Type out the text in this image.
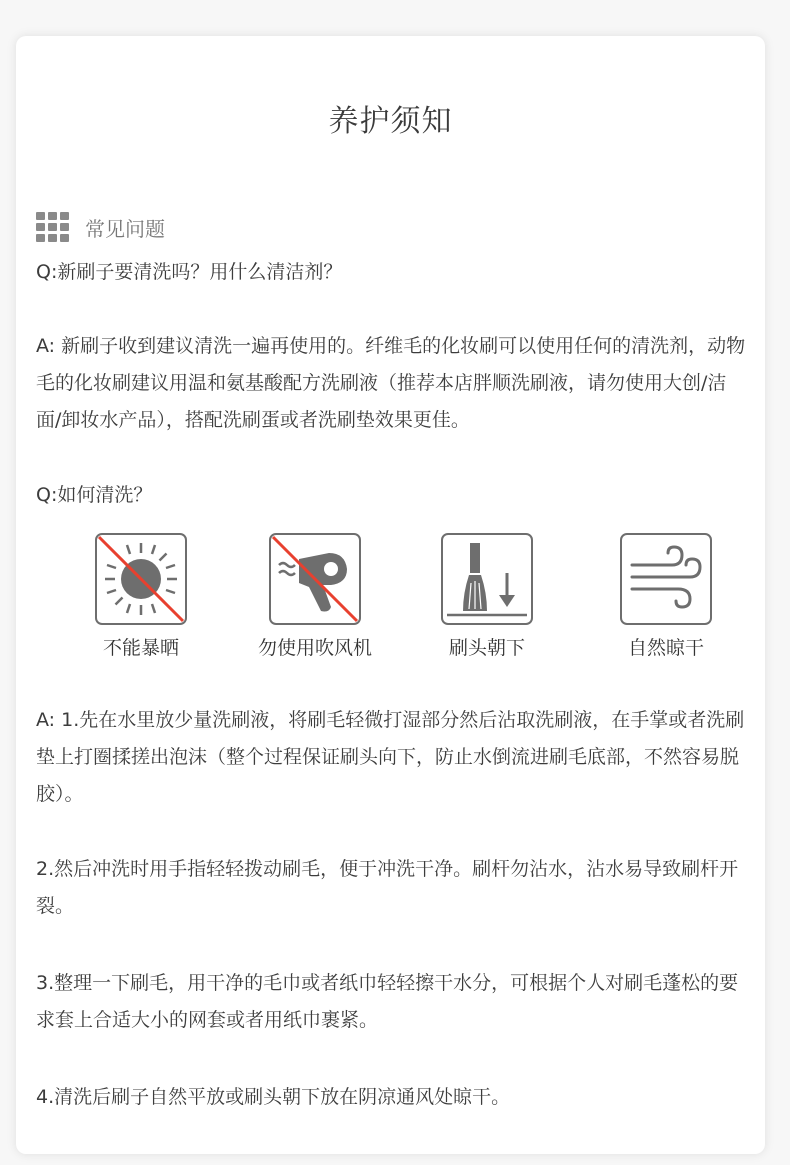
养护须知
常见问题

Q:新刷子要清洗吗？用什么清洁剂？

A: 新刷子收到建议清洗一遍再使用的。纤维毛的化妆刷可以使用任何的清洗剂，动物毛的化妆刷建议用温和氨基酸配方洗刷液（推荐本店胖顺洗刷液，请勿使用大创/洁面/卸妆水产品），搭配洗刷蛋或者洗刷垫效果更佳。

Q:如何清洗？

不能暴晒	勿使用吹风机	刷头朝下	自然晾干

A: 1.先在水里放少量洗刷液，将刷毛轻微打湿部分然后沾取洗刷液，在手掌或者洗刷垫上打圈揉搓出泡沫（整个过程保证刷头向下，防止水倒流进刷毛底部，不然容易脱胶）。

2.然后冲洗时用手指轻轻拨动刷毛，便于冲洗干净。刷杆勿沾水，沾水易导致刷杆开裂。

3.整理一下刷毛，用干净的毛巾或者纸巾轻轻擦干水分，可根据个人对刷毛蓬松的要求套上合适大小的网套或者用纸巾裹紧。

4.清洗后刷子自然平放或刷头朝下放在阴凉通风处晾干。
